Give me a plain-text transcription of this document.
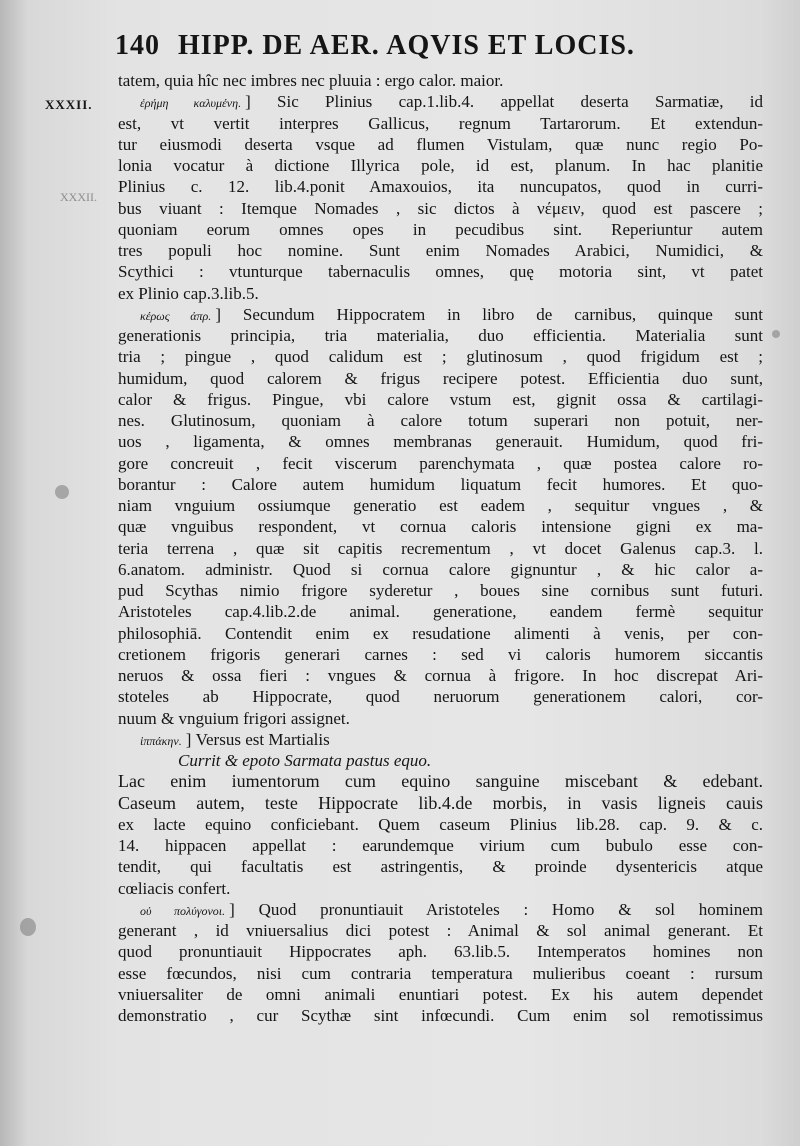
140 HIPP. DE AER. AQVIS ET LOCIS.
XXXII.
XXXII.
tatem, quia hîc nec imbres nec pluuia : ergo calor. maior.
ἐρήμη καλυμένη. ] Sic Plinius cap.1.lib.4. appellat deserta Sarmatiæ, id
est, vt vertit interpres Gallicus, regnum Tartarorum. Et extendun-
tur eiusmodi deserta vsque ad flumen Vistulam, quæ nunc regio Po-
lonia vocatur à dictione Illyrica pole, id est, planum. In hac planitie
Plinius c. 12. lib.4.ponit Amaxouios, ita nuncupatos, quod in curri-
bus viuant : Itemque Nomades , sic dictos à νέμειν, quod est pascere ;
quoniam eorum omnes opes in pecudibus sint. Reperiuntur autem
tres populi hoc nomine. Sunt enim Nomades Arabici, Numidici, &
Scythici : vtunturque tabernaculis omnes, quę motoria sint, vt patet
ex Plinio cap.3.lib.5.
κέρως ἀπρ. ] Secundum Hippocratem in libro de carnibus, quinque sunt
generationis principia, tria materialia, duo efficientia. Materialia sunt
tria ; pingue , quod calidum est ; glutinosum , quod frigidum est ;
humidum, quod calorem & frigus recipere potest. Efficientia duo sunt,
calor & frigus. Pingue, vbi calore vstum est, gignit ossa & cartilagi-
nes. Glutinosum, quoniam à calore totum superari non potuit, ner-
uos , ligamenta, & omnes membranas generauit. Humidum, quod fri-
gore concreuit , fecit viscerum parenchymata , quæ postea calore ro-
borantur : Calore autem humidum liquatum fecit humores. Et quo-
niam vnguium ossiumque generatio est eadem , sequitur vngues , &
quæ vnguibus respondent, vt cornua caloris intensione gigni ex ma-
teria terrena , quæ sit capitis recrementum , vt docet Galenus cap.3. l.
6.anatom. administr. Quod si cornua calore gignuntur , & hic calor a-
pud Scythas nimio frigore syderetur , boues sine cornibus sunt futuri.
Aristoteles cap.4.lib.2.de animal. generatione, eandem fermè sequitur
philosophiā. Contendit enim ex resudatione alimenti à venis, per con-
cretionem frigoris generari carnes : sed vi caloris humorem siccantis
neruos & ossa fieri : vngues & cornua à frigore. In hoc discrepat Ari-
stoteles ab Hippocrate, quod neruorum generationem calori, cor-
nuum & vnguium frigori assignet.
ἱππάκην. ] Versus est Martialis
Currit & epoto Sarmata pastus equo.
Lac enim iumentorum cum equino sanguine miscebant & edebant.
Caseum autem, teste Hippocrate lib.4.de morbis, in vasis ligneis cauis
ex lacte equino conficiebant. Quem caseum Plinius lib.28. cap. 9. & c.
14. hippacen appellat : earundemque virium cum bubulo esse con-
tendit, qui facultatis est astringentis, & proinde dysentericis atque
cœliacis confert.
οὐ πολύγονοι. ] Quod pronuntiauit Aristoteles : Homo & sol hominem
generant , id vniuersalius dici potest : Animal & sol animal generant. Et
quod pronuntiauit Hippocrates aph. 63.lib.5. Intemperatos homines non
esse fœcundos, nisi cum contraria temperatura mulieribus coeant : rursum
vniuersaliter de omni animali enuntiari potest. Ex his autem dependet
demonstratio , cur Scythæ sint infœcundi. Cum enim sol remotissimus
